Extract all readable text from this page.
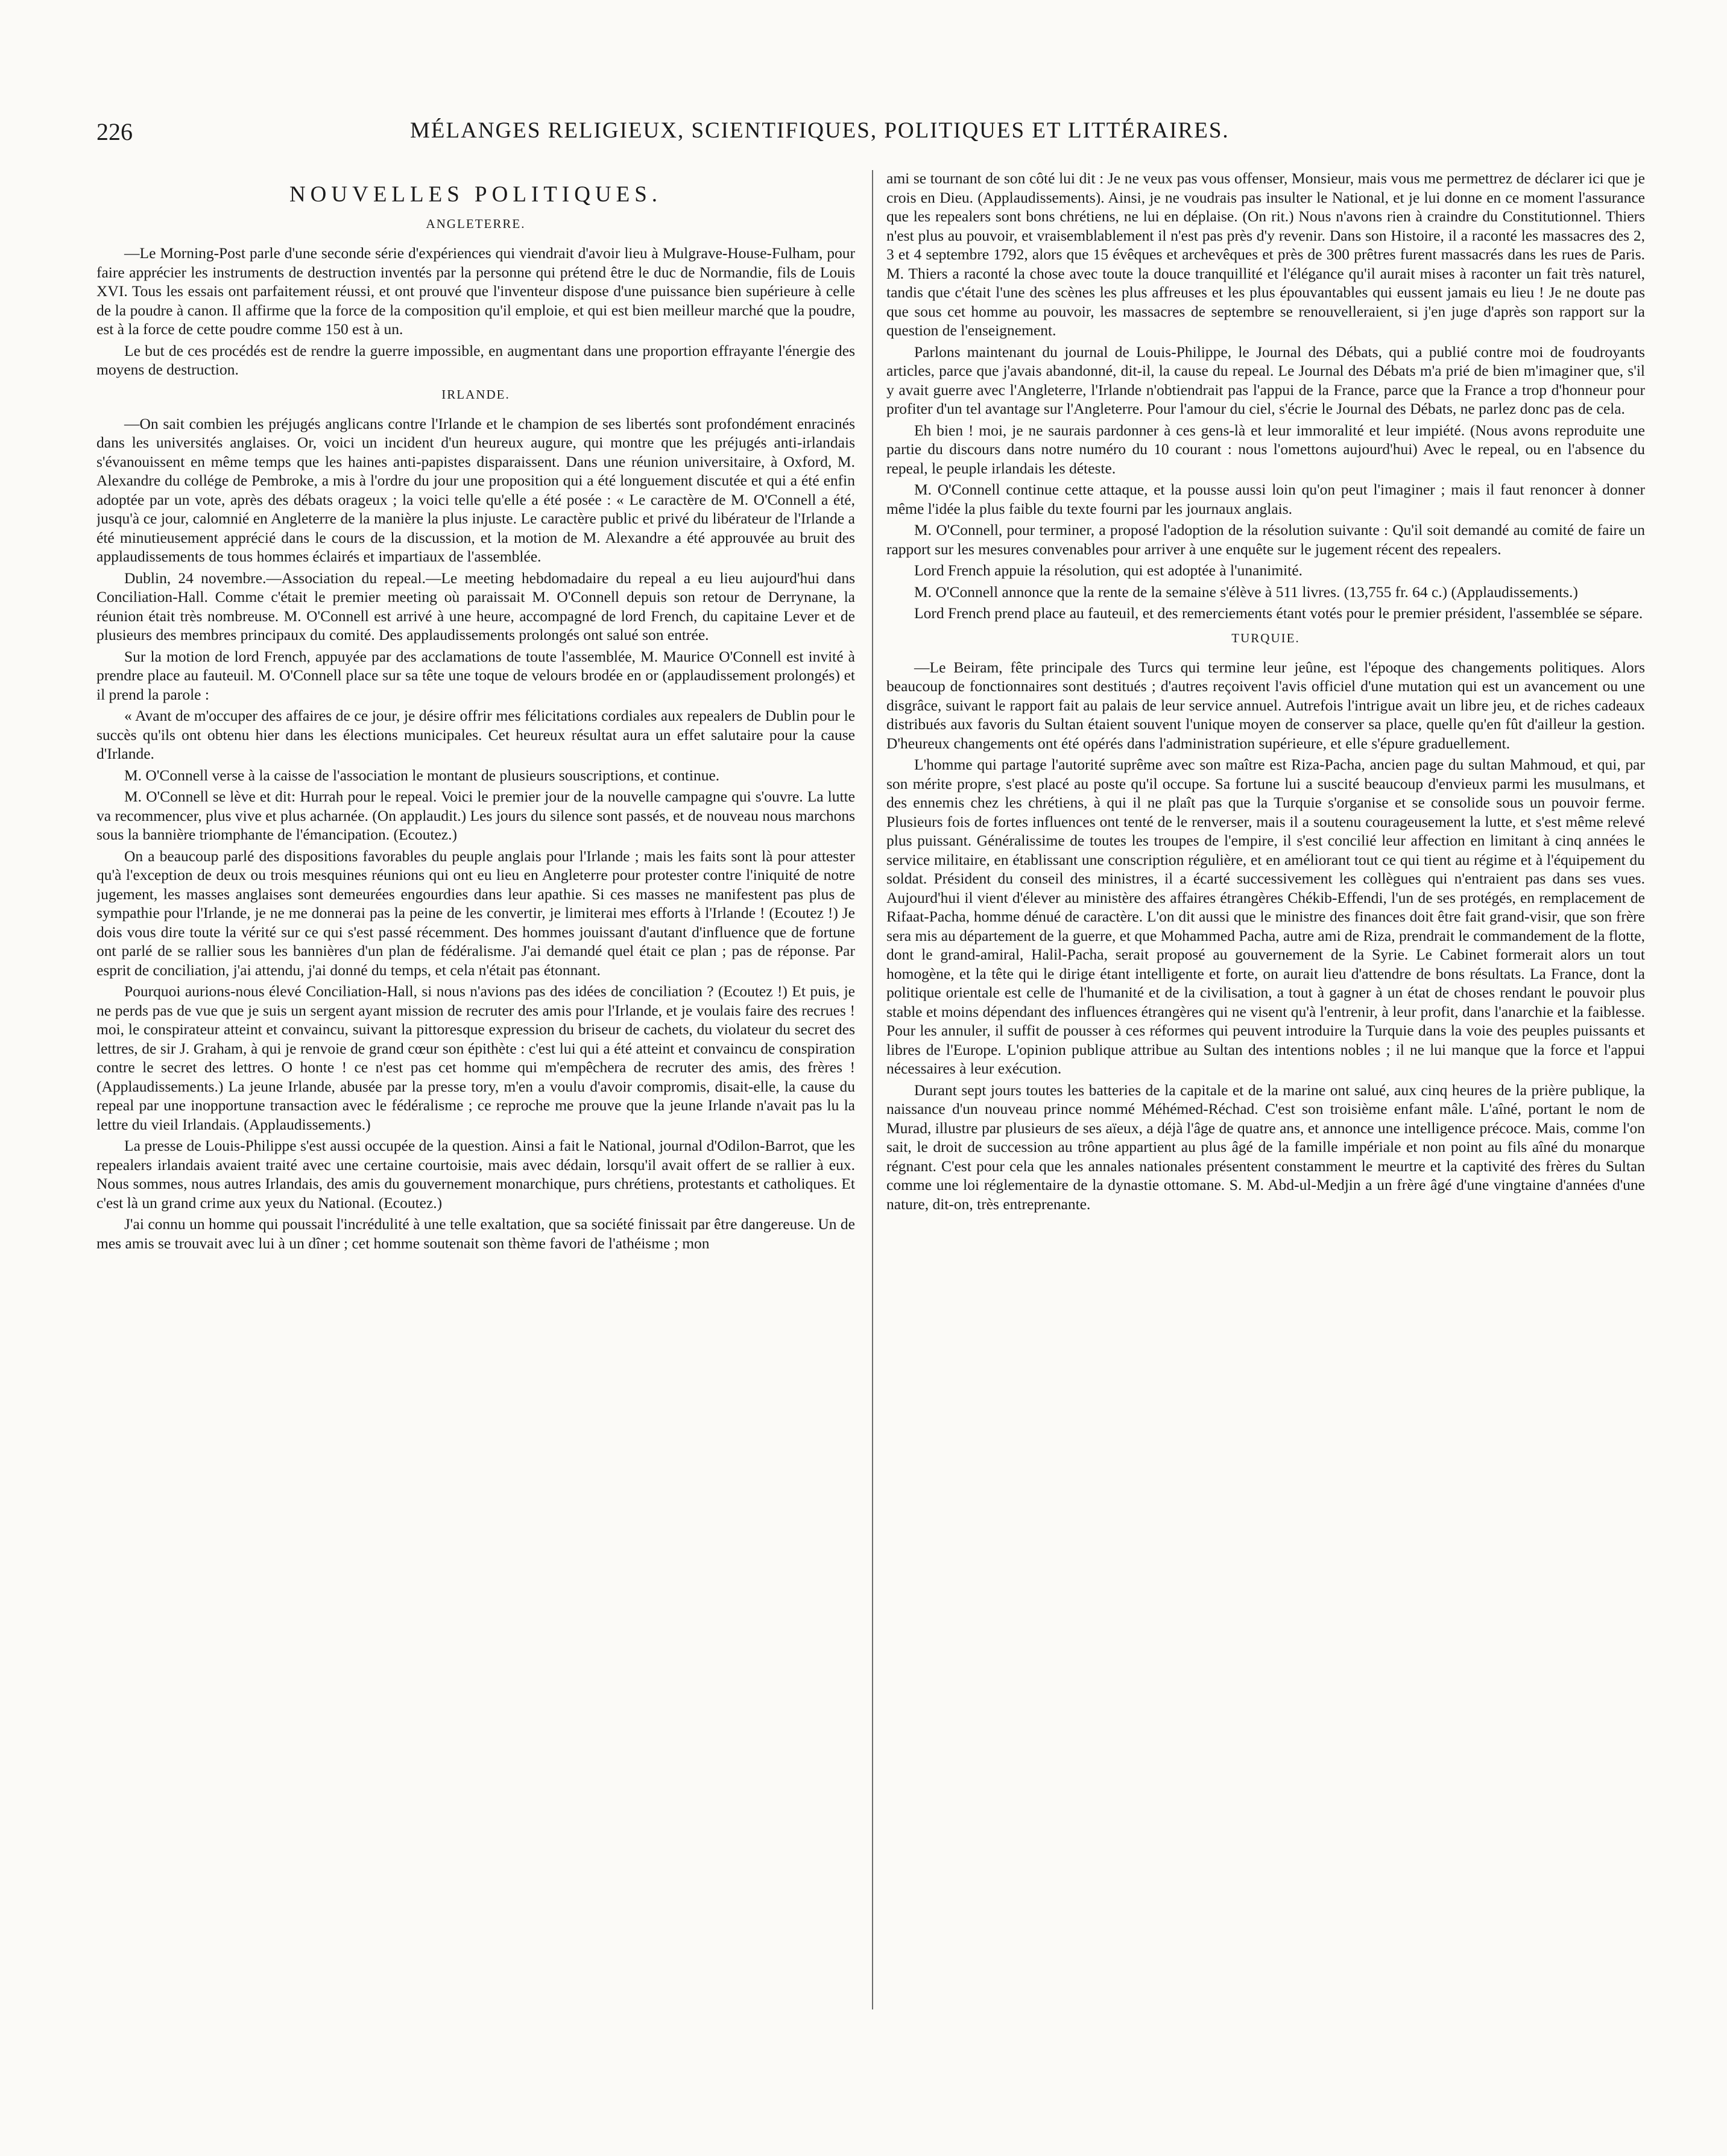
226	MÉLANGES RELIGIEUX, SCIENTIFIQUES, POLITIQUES ET LITTÉRAIRES.
NOUVELLES POLITIQUES.
ANGLETERRE.

—Le Morning-Post parle d'une seconde série d'expériences qui viendrait d'avoir lieu à Mulgrave-House-Fulham, pour faire apprécier les instruments de destruction inventés par la personne qui prétend être le duc de Normandie, fils de Louis XVI. Tous les essais ont parfaitement réussi, et ont prouvé que l'inventeur dispose d'une puissance bien supérieure à celle de la poudre à canon. Il affirme que la force de la composition qu'il emploie, et qui est bien meilleur marché que la poudre, est à la force de cette poudre comme 150 est à un.

Le but de ces procédés est de rendre la guerre impossible, en augmentant dans une proportion effrayante l'énergie des moyens de destruction.

IRLANDE.

—On sait combien les préjugés anglicans contre l'Irlande et le champion de ses libertés sont profondément enracinés dans les universités anglaises. Or, voici un incident d'un heureux augure, qui montre que les préjugés anti-irlandais s'évanouissent en même temps que les haines anti-papistes disparaissent. Dans une réunion universitaire, à Oxford, M. Alexandre du collége de Pembroke, a mis à l'ordre du jour une proposition qui a été longuement discutée et qui a été enfin adoptée par un vote, après des débats orageux ; la voici telle qu'elle a été posée : « Le caractère de M. O'Connell a été, jusqu'à ce jour, calomnié en Angleterre de la manière la plus injuste. Le caractère public et privé du libérateur de l'Irlande a été minutieusement apprécié dans le cours de la discussion, et la motion de M. Alexandre a été approuvée au bruit des applaudissements de tous hommes éclairés et impartiaux de l'assemblée.

Dublin, 24 novembre.—Association du repeal.—Le meeting hebdomadaire du repeal a eu lieu aujourd'hui dans Conciliation-Hall. Comme c'était le premier meeting où paraissait M. O'Connell depuis son retour de Derrynane, la réunion était très nombreuse. M. O'Connell est arrivé à une heure, accompagné de lord French, du capitaine Lever et de plusieurs des membres principaux du comité. Des applaudissements prolongés ont salué son entrée.

Sur la motion de lord French, appuyée par des acclamations de toute l'assemblée, M. Maurice O'Connell est invité à prendre place au fauteuil. M. O'Connell place sur sa tête une toque de velours brodée en or (applaudissement prolongés) et il prend la parole :

« Avant de m'occuper des affaires de ce jour, je désire offrir mes félicitations cordiales aux repealers de Dublin pour le succès qu'ils ont obtenu hier dans les élections municipales. Cet heureux résultat aura un effet salutaire pour la cause d'Irlande.

M. O'Connell verse à la caisse de l'association le montant de plusieurs souscriptions, et continue.

M. O'Connell se lève et dit: Hurrah pour le repeal. Voici le premier jour de la nouvelle campagne qui s'ouvre. La lutte va recommencer, plus vive et plus acharnée. (On applaudit.) Les jours du silence sont passés, et de nouveau nous marchons sous la bannière triomphante de l'émancipation. (Ecoutez.)

On a beaucoup parlé des dispositions favorables du peuple anglais pour l'Irlande ; mais les faits sont là pour attester qu'à l'exception de deux ou trois mesquines réunions qui ont eu lieu en Angleterre pour protester contre l'iniquité de notre jugement, les masses anglaises sont demeurées engourdies dans leur apathie. Si ces masses ne manifestent pas plus de sympathie pour l'Irlande, je ne me donnerai pas la peine de les convertir, je limiterai mes efforts à l'Irlande ! (Ecoutez !) Je dois vous dire toute la vérité sur ce qui s'est passé récemment. Des hommes jouissant d'autant d'influence que de fortune ont parlé de se rallier sous les bannières d'un plan de fédéralisme. J'ai demandé quel était ce plan ; pas de réponse. Par esprit de conciliation, j'ai attendu, j'ai donné du temps, et cela n'était pas étonnant.

Pourquoi aurions-nous élevé Conciliation-Hall, si nous n'avions pas des idées de conciliation ? (Ecoutez !) Et puis, je ne perds pas de vue que je suis un sergent ayant mission de recruter des amis pour l'Irlande, et je voulais faire des recrues ! moi, le conspirateur atteint et convaincu, suivant la pittoresque expression du briseur de cachets, du violateur du secret des lettres, de sir J. Graham, à qui je renvoie de grand cœur son épithète : c'est lui qui a été atteint et convaincu de conspiration contre le secret des lettres. O honte ! ce n'est pas cet homme qui m'empêchera de recruter des amis, des frères ! (Applaudissements.) La jeune Irlande, abusée par la presse tory, m'en a voulu d'avoir compromis, disait-elle, la cause du repeal par une inopportune transaction avec le fédéralisme ; ce reproche me prouve que la jeune Irlande n'avait pas lu la lettre du vieil Irlandais. (Applaudissements.)

La presse de Louis-Philippe s'est aussi occupée de la question. Ainsi a fait le National, journal d'Odilon-Barrot, que les repealers irlandais avaient traité avec une certaine courtoisie, mais avec dédain, lorsqu'il avait offert de se rallier à eux. Nous sommes, nous autres Irlandais, des amis du gouvernement monarchique, purs chrétiens, protestants et catholiques. Et c'est là un grand crime aux yeux du National. (Ecoutez.)

J'ai connu un homme qui poussait l'incrédulité à une telle exaltation, que sa société finissait par être dangereuse. Un de mes amis se trouvait avec lui à un dîner ; cet homme soutenait son thème favori de l'athéisme ; mon

ami se tournant de son côté lui dit : Je ne veux pas vous offenser, Monsieur, mais vous me permettrez de déclarer ici que je crois en Dieu. (Applaudissements). Ainsi, je ne voudrais pas insulter le National, et je lui donne en ce moment l'assurance que les repealers sont bons chrétiens, ne lui en déplaise. (On rit.) Nous n'avons rien à craindre du Constitutionnel. Thiers n'est plus au pouvoir, et vraisemblablement il n'est pas près d'y revenir. Dans son Histoire, il a raconté les massacres des 2, 3 et 4 septembre 1792, alors que 15 évêques et archevêques et près de 300 prêtres furent massacrés dans les rues de Paris. M. Thiers a raconté la chose avec toute la douce tranquillité et l'élégance qu'il aurait mises à raconter un fait très naturel, tandis que c'était l'une des scènes les plus affreuses et les plus épouvantables qui eussent jamais eu lieu ! Je ne doute pas que sous cet homme au pouvoir, les massacres de septembre se renouvelleraient, si j'en juge d'après son rapport sur la question de l'enseignement.

Parlons maintenant du journal de Louis-Philippe, le Journal des Débats, qui a publié contre moi de foudroyants articles, parce que j'avais abandonné, dit-il, la cause du repeal. Le Journal des Débats m'a prié de bien m'imaginer que, s'il y avait guerre avec l'Angleterre, l'Irlande n'obtiendrait pas l'appui de la France, parce que la France a trop d'honneur pour profiter d'un tel avantage sur l'Angleterre. Pour l'amour du ciel, s'écrie le Journal des Débats, ne parlez donc pas de cela.

Eh bien ! moi, je ne saurais pardonner à ces gens-là et leur immoralité et leur impiété. (Nous avons reproduite une partie du discours dans notre numéro du 10 courant : nous l'omettons aujourd'hui) Avec le repeal, ou en l'absence du repeal, le peuple irlandais les déteste.

M. O'Connell continue cette attaque, et la pousse aussi loin qu'on peut l'imaginer ; mais il faut renoncer à donner même l'idée la plus faible du texte fourni par les journaux anglais.

M. O'Connell, pour terminer, a proposé l'adoption de la résolution suivante : Qu'il soit demandé au comité de faire un rapport sur les mesures convenables pour arriver à une enquête sur le jugement récent des repealers.

Lord French appuie la résolution, qui est adoptée à l'unanimité.

M. O'Connell annonce que la rente de la semaine s'élève à 511 livres. (13,755 fr. 64 c.) (Applaudissements.)

Lord French prend place au fauteuil, et des remerciements étant votés pour le premier président, l'assemblée se sépare.

TURQUIE.

—Le Beiram, fête principale des Turcs qui termine leur jeûne, est l'époque des changements politiques. Alors beaucoup de fonctionnaires sont destitués ; d'autres reçoivent l'avis officiel d'une mutation qui est un avancement ou une disgrâce, suivant le rapport fait au palais de leur service annuel. Autrefois l'intrigue avait un libre jeu, et de riches cadeaux distribués aux favoris du Sultan étaient souvent l'unique moyen de conserver sa place, quelle qu'en fût d'ailleur la gestion. D'heureux changements ont été opérés dans l'administration supérieure, et elle s'épure graduellement.

L'homme qui partage l'autorité suprême avec son maître est Riza-Pacha, ancien page du sultan Mahmoud, et qui, par son mérite propre, s'est placé au poste qu'il occupe. Sa fortune lui a suscité beaucoup d'envieux parmi les musulmans, et des ennemis chez les chrétiens, à qui il ne plaît pas que la Turquie s'organise et se consolide sous un pouvoir ferme. Plusieurs fois de fortes influences ont tenté de le renverser, mais il a soutenu courageusement la lutte, et s'est même relevé plus puissant. Généralissime de toutes les troupes de l'empire, il s'est concilié leur affection en limitant à cinq années le service militaire, en établissant une conscription régulière, et en améliorant tout ce qui tient au régime et à l'équipement du soldat. Président du conseil des ministres, il a écarté successivement les collègues qui n'entraient pas dans ses vues. Aujourd'hui il vient d'élever au ministère des affaires étrangères Chékib-Effendi, l'un de ses protégés, en remplacement de Rifaat-Pacha, homme dénué de caractère. L'on dit aussi que le ministre des finances doit être fait grand-visir, que son frère sera mis au département de la guerre, et que Mohammed Pacha, autre ami de Riza, prendrait le commandement de la flotte, dont le grand-amiral, Halil-Pacha, serait proposé au gouvernement de la Syrie. Le Cabinet formerait alors un tout homogène, et la tête qui le dirige étant intelligente et forte, on aurait lieu d'attendre de bons résultats. La France, dont la politique orientale est celle de l'humanité et de la civilisation, a tout à gagner à un état de choses rendant le pouvoir plus stable et moins dépendant des influences étrangères qui ne visent qu'à l'entrenir, à leur profit, dans l'anarchie et la faiblesse. Pour les annuler, il suffit de pousser à ces réformes qui peuvent introduire la Turquie dans la voie des peuples puissants et libres de l'Europe. L'opinion publique attribue au Sultan des intentions nobles ; il ne lui manque que la force et l'appui nécessaires à leur exécution.

Durant sept jours toutes les batteries de la capitale et de la marine ont salué, aux cinq heures de la prière publique, la naissance d'un nouveau prince nommé Méhémed-Réchad. C'est son troisième enfant mâle. L'aîné, portant le nom de Murad, illustre par plusieurs de ses aïeux, a déjà l'âge de quatre ans, et annonce une intelligence précoce. Mais, comme l'on sait, le droit de succession au trône appartient au plus âgé de la famille impériale et non point au fils aîné du monarque régnant. C'est pour cela que les annales nationales présentent constamment le meurtre et la captivité des frères du Sultan comme une loi réglementaire de la dynastie ottomane. S. M. Abd-ul-Medjin a un frère âgé d'une vingtaine d'années d'une nature, dit-on, très entreprenante.
